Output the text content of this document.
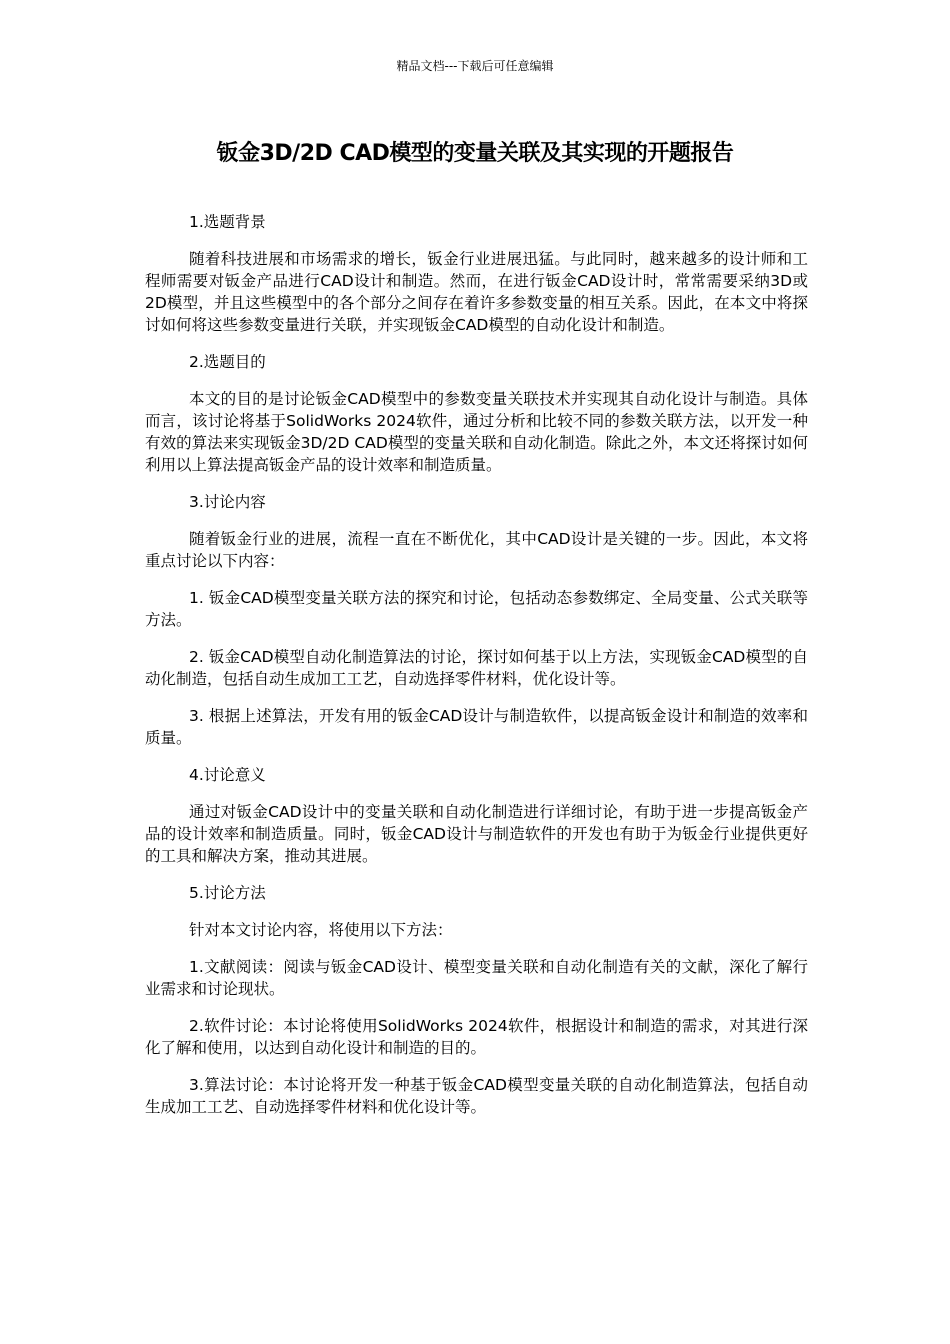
精品文档---下载后可任意编辑
钣金3D/2D CAD模型的变量关联及其实现的开题报告

1.选题背景

随着科技进展和市场需求的增长，钣金行业进展迅猛。与此同时，越来越多的设计师和工程师需要对钣金产品进行CAD设计和制造。然而，在进行钣金CAD设计时，常常需要采纳3D或2D模型，并且这些模型中的各个部分之间存在着许多参数变量的相互关系。因此，在本文中将探讨如何将这些参数变量进行关联，并实现钣金CAD模型的自动化设计和制造。

2.选题目的

本文的目的是讨论钣金CAD模型中的参数变量关联技术并实现其自动化设计与制造。具体而言，该讨论将基于SolidWorks 2024软件，通过分析和比较不同的参数关联方法，以开发一种有效的算法来实现钣金3D/2D CAD模型的变量关联和自动化制造。除此之外，本文还将探讨如何利用以上算法提高钣金产品的设计效率和制造质量。

3.讨论内容

随着钣金行业的进展，流程一直在不断优化，其中CAD设计是关键的一步。因此，本文将重点讨论以下内容：

1. 钣金CAD模型变量关联方法的探究和讨论，包括动态参数绑定、全局变量、公式关联等方法。

2. 钣金CAD模型自动化制造算法的讨论，探讨如何基于以上方法，实现钣金CAD模型的自动化制造，包括自动生成加工工艺，自动选择零件材料，优化设计等。

3. 根据上述算法，开发有用的钣金CAD设计与制造软件，以提高钣金设计和制造的效率和质量。

4.讨论意义

通过对钣金CAD设计中的变量关联和自动化制造进行详细讨论，有助于进一步提高钣金产品的设计效率和制造质量。同时，钣金CAD设计与制造软件的开发也有助于为钣金行业提供更好的工具和解决方案，推动其进展。

5.讨论方法

针对本文讨论内容，将使用以下方法：

1.文献阅读：阅读与钣金CAD设计、模型变量关联和自动化制造有关的文献，深化了解行业需求和讨论现状。

2.软件讨论：本讨论将使用SolidWorks 2024软件，根据设计和制造的需求，对其进行深化了解和使用，以达到自动化设计和制造的目的。

3.算法讨论：本讨论将开发一种基于钣金CAD模型变量关联的自动化制造算法，包括自动生成加工工艺、自动选择零件材料和优化设计等。
